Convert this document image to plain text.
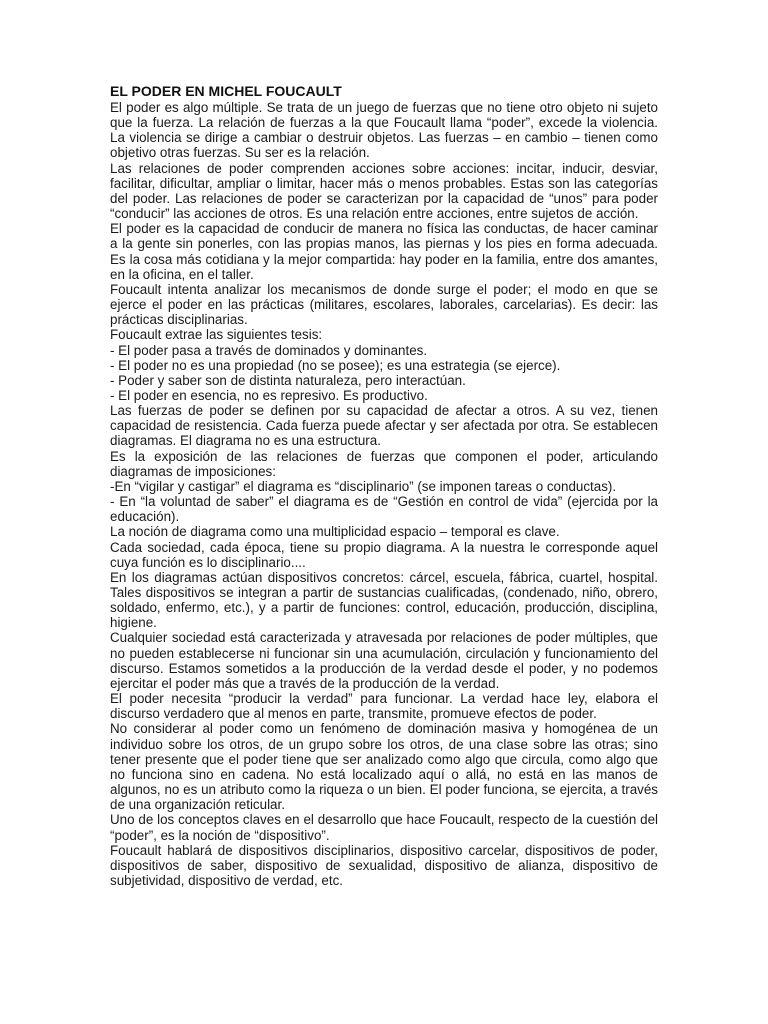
EL PODER EN MICHEL FOUCAULT

El poder es algo múltiple. Se trata de un juego de fuerzas que no tiene otro objeto ni sujeto que la fuerza. La relación de fuerzas a la que Foucault llama “poder”, excede la violencia. La violencia se dirige a cambiar o destruir objetos. Las fuerzas – en cambio – tienen como objetivo otras fuerzas. Su ser es la relación.

Las relaciones de poder comprenden acciones sobre acciones: incitar, inducir, desviar, facilitar, dificultar, ampliar o limitar, hacer más o menos probables. Estas son las categorías del poder. Las relaciones de poder se caracterizan por la capacidad de “unos” para poder “conducir” las acciones de otros. Es una relación entre acciones, entre sujetos de acción.

El poder es la capacidad de conducir de manera no física las conductas, de hacer caminar a la gente sin ponerles, con las propias manos, las piernas y los pies en forma adecuada. Es la cosa más cotidiana y la mejor compartida: hay poder en la familia, entre dos amantes, en la oficina, en el taller.

Foucault intenta analizar los mecanismos de donde surge el poder; el modo en que se ejerce el poder en las prácticas (militares, escolares, laborales, carcelarias). Es decir: las prácticas disciplinarias.

Foucault extrae las siguientes tesis:

- El poder pasa a través de dominados y dominantes.

- El poder no es una propiedad (no se posee); es una estrategia (se ejerce).

- Poder y saber son de distinta naturaleza, pero interactúan.

- El poder en esencia, no es represivo. Es productivo.

Las fuerzas de poder se definen por su capacidad de afectar a otros. A su vez, tienen capacidad de resistencia. Cada fuerza puede afectar y ser afectada por otra. Se establecen diagramas. El diagrama no es una estructura.

Es la exposición de las relaciones de fuerzas que componen el poder, articulando diagramas de imposiciones:

-En “vigilar y castigar” el diagrama es “disciplinario” (se imponen tareas o conductas).

- En “la voluntad de saber” el diagrama es de “Gestión en control de vida” (ejercida por la educación).

La noción de diagrama como una multiplicidad espacio – temporal es clave.

Cada sociedad, cada época, tiene su propio diagrama. A la nuestra le corresponde aquel cuya función es lo disciplinario....

En los diagramas actúan dispositivos concretos: cárcel, escuela, fábrica, cuartel, hospital. Tales dispositivos se integran a partir de sustancias cualificadas, (condenado, niño, obrero, soldado, enfermo, etc.), y a partir de funciones: control, educación, producción, disciplina, higiene.

Cualquier sociedad está caracterizada y atravesada por relaciones de poder múltiples, que no pueden establecerse ni funcionar sin una acumulación, circulación y funcionamiento del discurso. Estamos sometidos a la producción de la verdad desde el poder, y no podemos ejercitar el poder más que a través de la producción de la verdad.

El poder necesita “producir la verdad” para funcionar. La verdad hace ley, elabora el discurso verdadero que al menos en parte, transmite, promueve efectos de poder.

No considerar al poder como un fenómeno de dominación masiva y homogénea de un individuo sobre los otros, de un grupo sobre los otros, de una clase sobre las otras; sino tener presente que el poder tiene que ser analizado como algo que circula, como algo que no funciona sino en cadena. No está localizado aquí o allá, no está en las manos de algunos, no es un atributo como la riqueza o un bien. El poder funciona, se ejercita, a través de una organización reticular.

Uno de los conceptos claves en el desarrollo que hace Foucault, respecto de la cuestión del “poder”, es la noción de “dispositivo”.

Foucault hablará de dispositivos disciplinarios, dispositivo carcelar, dispositivos de poder, dispositivos de saber, dispositivo de sexualidad, dispositivo de alianza, dispositivo de subjetividad, dispositivo de verdad, etc.
